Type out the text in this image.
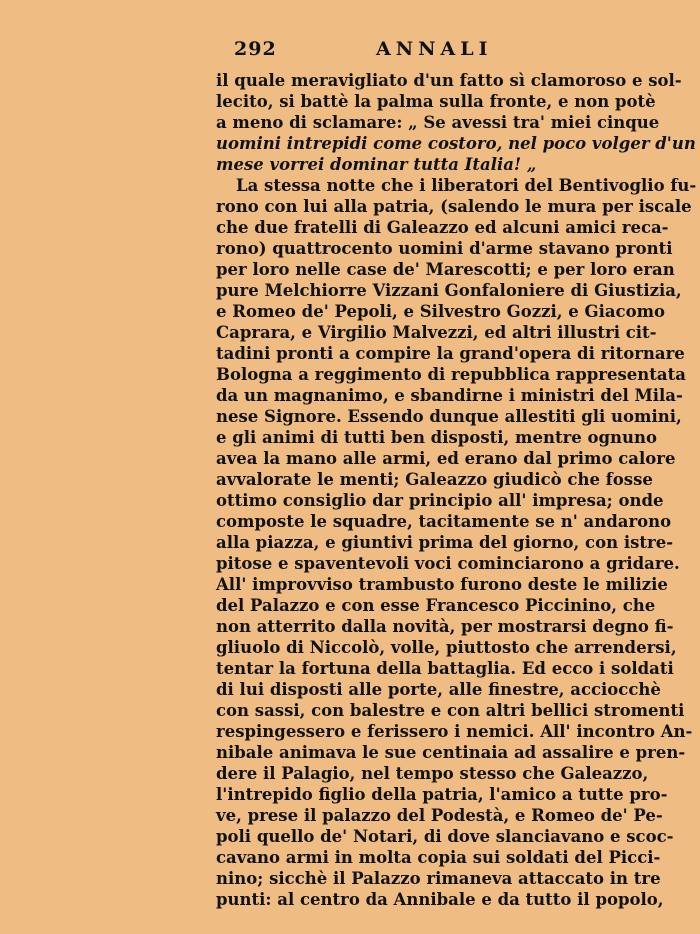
292	ANNALI
il quale meravigliato d'un fatto sì clamoroso e sol-
lecito, si battè la palma sulla fronte, e non potè
a meno di sclamare: „ Se avessi tra' miei cinque
uomini intrepidi come costoro, nel poco volger d'un
mese vorrei dominar tutta Italia! „
La stessa notte che i liberatori del Bentivoglio fu-
rono con lui alla patria, (salendo le mura per iscale
che due fratelli di Galeazzo ed alcuni amici reca-
rono) quattrocento uomini d'arme stavano pronti
per loro nelle case de' Marescotti; e per loro eran
pure Melchiorre Vizzani Gonfaloniere di Giustizia,
e Romeo de' Pepoli, e Silvestro Gozzi, e Giacomo
Caprara, e Virgilio Malvezzi, ed altri illustri cit-
tadini pronti a compire la grand'opera di ritornare
Bologna a reggimento di repubblica rappresentata
da un magnanimo, e sbandirne i ministri del Mila-
nese Signore. Essendo dunque allestiti gli uomini,
e gli animi di tutti ben disposti, mentre ognuno
avea la mano alle armi, ed erano dal primo calore
avvalorate le menti; Galeazzo giudicò che fosse
ottimo consiglio dar principio all' impresa; onde
composte le squadre, tacitamente se n' andarono
alla piazza, e giuntivi prima del giorno, con istre-
pitose e spaventevoli voci cominciarono a gridare.
All' improvviso trambusto furono deste le milizie
del Palazzo e con esse Francesco Piccinino, che
non atterrito dalla novità, per mostrarsi degno fi-
gliuolo di Niccolò, volle, piuttosto che arrendersi,
tentar la fortuna della battaglia. Ed ecco i soldati
di lui disposti alle porte, alle finestre, acciocchè
con sassi, con balestre e con altri bellici stromenti
respingessero e ferissero i nemici. All' incontro An-
nibale animava le sue centinaia ad assalire e pren-
dere il Palagio, nel tempo stesso che Galeazzo,
l'intrepido figlio della patria, l'amico a tutte pro-
ve, prese il palazzo del Podestà, e Romeo de' Pe-
poli quello de' Notari, di dove slanciavano e scoc-
cavano armi in molta copia sui soldati del Picci-
nino; sicchè il Palazzo rimaneva attaccato in tre
punti: al centro da Annibale e da tutto il popolo,
